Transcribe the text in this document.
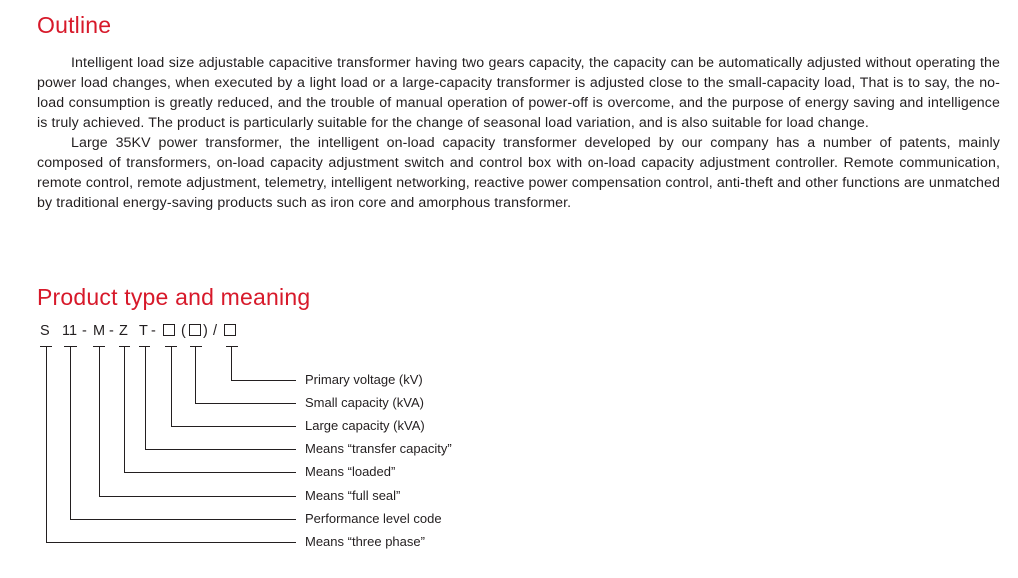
Outline

Intelligent load size adjustable capacitive transformer having two gears capacity, the capacity can be automatically adjusted without operating the power load changes, when executed by a light load or a large-capacity transformer is adjusted close to the small-capacity load, That is to say, the no-load consumption is greatly reduced, and the trouble of manual operation of power-off is overcome, and the purpose of energy saving and intelligence is truly achieved. The product is particularly suitable for the change of seasonal load variation, and is also suitable for load change.

Large 35KV power transformer, the intelligent on-load capacity transformer developed by our company has a number of patents, mainly composed of transformers, on-load capacity adjustment switch and control box with on-load capacity adjustment controller. Remote communication, remote control, remote adjustment, telemetry, intelligent networking, reactive power compensation control, anti-theft and other functions are unmatched by traditional energy-saving products such as iron core and amorphous transformer.

Product type and meaning
S 11 - M - Z T - ( ) /
Primary voltage (kV)
Small capacity (kVA)
Large capacity (kVA)
Means “transfer capacity”
Means “loaded”
Means “full seal”
Performance level code
Means “three phase”
